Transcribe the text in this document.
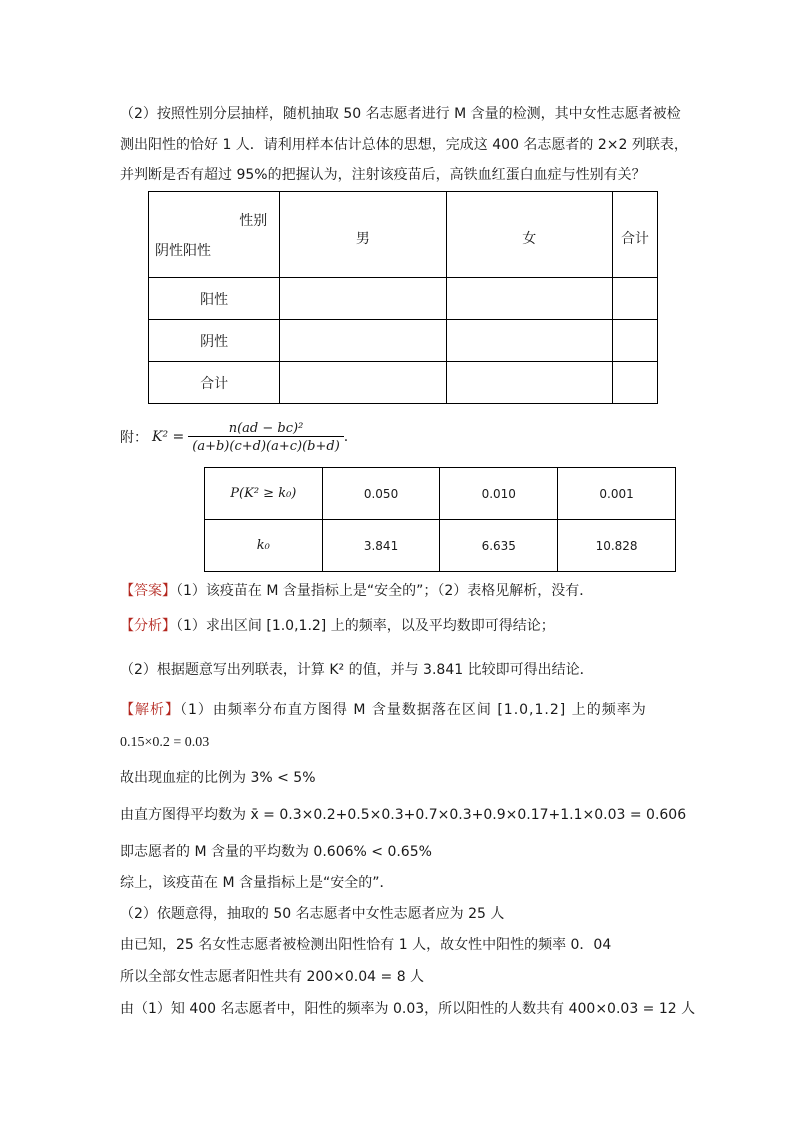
（2）按照性别分层抽样，随机抽取 50 名志愿者进行 M 含量的检测，其中女性志愿者被检
测出阳性的恰好 1 人．请利用样本估计总体的思想，完成这 400 名志愿者的 2×2 列联表，
并判断是否有超过 95%的把握认为，注射该疫苗后，高铁血红蛋白血症与性别有关？
性别
阴性阳性	男	女	合计
阳性			
阴性			
合计			
附： $K^2 = \frac{\text{n(ad − bc)²}}{(a+b)(c+d)(a+c)(b+d)}$ .
P(K² ≥ k₀)	0.050	0.010	0.001
k₀	3.841	6.635	10.828
【答案】（1）该疫苗在 M 含量指标上是“安全的”；（2）表格见解析，没有．
【分析】（1）求出区间 [1.0,1.2] 上的频率，以及平均数即可得结论；
（2）根据题意写出列联表，计算 K² 的值，并与 3.841 比较即可得出结论．
【解析】（1）由频率分布直方图得 M 含量数据落在区间 [1.0,1.2] 上的频率为
0.15×0.2 = 0.03
故出现血症的比例为 3% < 5%
由直方图得平均数为 x̄ = 0.3×0.2+0.5×0.3+0.7×0.3+0.9×0.17+1.1×0.03 = 0.606
即志愿者的 M 含量的平均数为 0.606% < 0.65%
综上，该疫苗在 M 含量指标上是“安全的”．
（2）依题意得，抽取的 50 名志愿者中女性志愿者应为 25 人
由已知，25 名女性志愿者被检测出阳性恰有 1 人，故女性中阳性的频率 0．04
所以全部女性志愿者阳性共有 200×0.04 = 8 人
由（1）知 400 名志愿者中，阳性的频率为 0.03，所以阳性的人数共有 400×0.03 = 12 人
